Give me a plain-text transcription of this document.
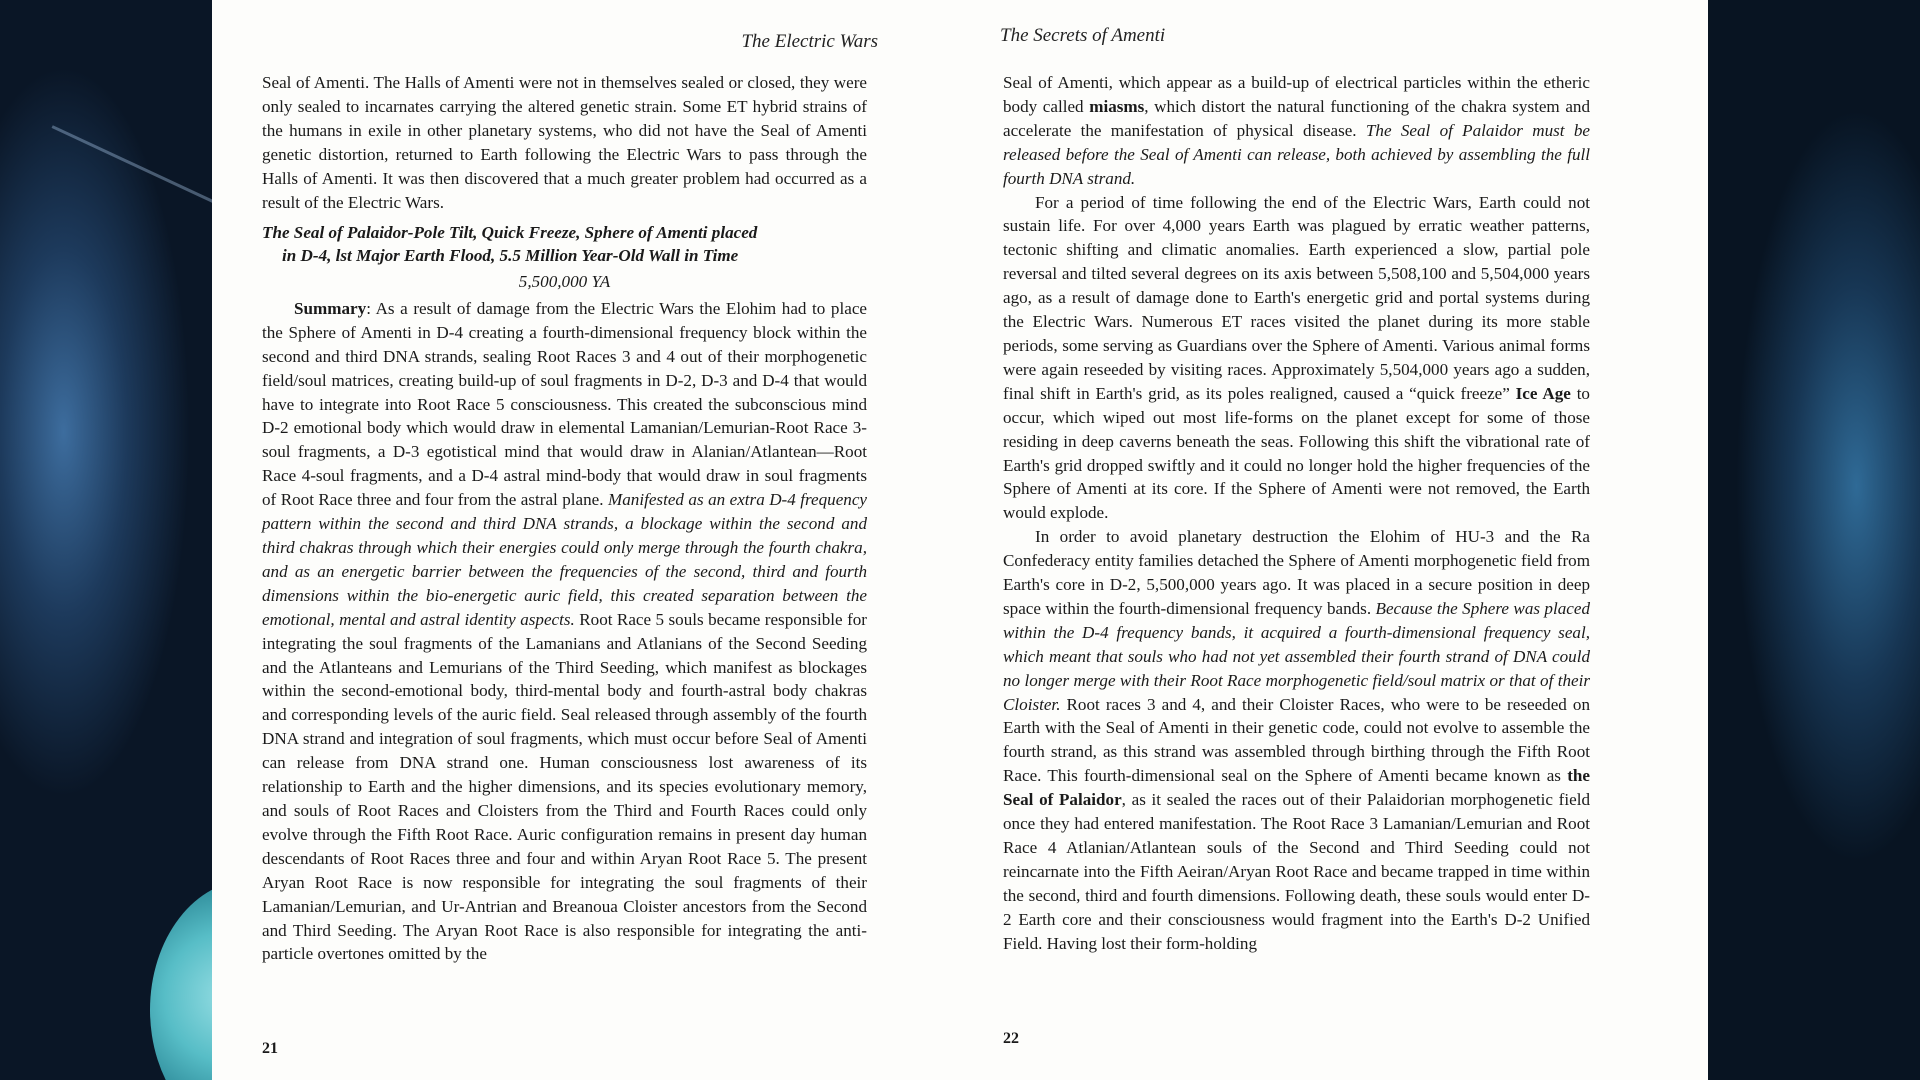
The Electric Wars

Seal of Amenti. The Halls of Amenti were not in themselves sealed or closed, they were only sealed to incarnates carrying the altered genetic strain. Some ET hybrid strains of the humans in exile in other planetary systems, who did not have the Seal of Amenti genetic distortion, returned to Earth following the Electric Wars to pass through the Halls of Amenti. It was then discovered that a much greater problem had occurred as a result of the Electric Wars.

The Seal of Palaidor-Pole Tilt, Quick Freeze, Sphere of Amenti placed
in D-4, lst Major Earth Flood, 5.5 Million Year-Old Wall in Time
5,500,000 YA

Summary: As a result of damage from the Electric Wars the Elohim had to place the Sphere of Amenti in D-4 creating a fourth-dimensional frequency block within the second and third DNA strands, sealing Root Races 3 and 4 out of their morphogenetic field/soul matrices, creating build-up of soul fragments in D-2, D-3 and D-4 that would have to integrate into Root Race 5 consciousness. This created the subconscious mind D-2 emotional body which would draw in elemental Lamanian/Lemurian-Root Race 3-soul fragments, a D-3 egotistical mind that would draw in Alanian/Atlantean—Root Race 4-soul fragments, and a D-4 astral mind-body that would draw in soul fragments of Root Race three and four from the astral plane. Manifested as an extra D-4 frequency pattern within the second and third DNA strands, a blockage within the second and third chakras through which their energies could only merge through the fourth chakra, and as an energetic barrier between the frequencies of the second, third and fourth dimensions within the bio-energetic auric field, this created separation between the emotional, mental and astral identity aspects. Root Race 5 souls became responsible for integrating the soul fragments of the Lamanians and Atlanians of the Second Seeding and the Atlanteans and Lemurians of the Third Seeding, which manifest as blockages within the second-emotional body, third-mental body and fourth-astral body chakras and corresponding levels of the auric field. Seal released through assembly of the fourth DNA strand and integration of soul fragments, which must occur before Seal of Amenti can release from DNA strand one. Human consciousness lost awareness of its relationship to Earth and the higher dimensions, and its species evolutionary memory, and souls of Root Races and Cloisters from the Third and Fourth Races could only evolve through the Fifth Root Race. Auric configuration remains in present day human descendants of Root Races three and four and within Aryan Root Race 5. The present Aryan Root Race is now responsible for integrating the soul fragments of their Lamanian/Lemurian, and Ur-Antrian and Breanoua Cloister ancestors from the Second and Third Seeding. The Aryan Root Race is also responsible for integrating the anti-particle overtones omitted by the

21
The Secrets of Amenti

Seal of Amenti, which appear as a build-up of electrical particles within the etheric body called miasms, which distort the natural functioning of the chakra system and accelerate the manifestation of physical disease. The Seal of Palaidor must be released before the Seal of Amenti can release, both achieved by assembling the full fourth DNA strand.

For a period of time following the end of the Electric Wars, Earth could not sustain life. For over 4,000 years Earth was plagued by erratic weather patterns, tectonic shifting and climatic anomalies. Earth experienced a slow, partial pole reversal and tilted several degrees on its axis between 5,508,100 and 5,504,000 years ago, as a result of damage done to Earth's energetic grid and portal systems during the Electric Wars. Numerous ET races visited the planet during its more stable periods, some serving as Guardians over the Sphere of Amenti. Various animal forms were again reseeded by visiting races. Approximately 5,504,000 years ago a sudden, final shift in Earth's grid, as its poles realigned, caused a “quick freeze” Ice Age to occur, which wiped out most life-forms on the planet except for some of those residing in deep caverns beneath the seas. Following this shift the vibrational rate of Earth's grid dropped swiftly and it could no longer hold the higher frequencies of the Sphere of Amenti at its core. If the Sphere of Amenti were not removed, the Earth would explode.

In order to avoid planetary destruction the Elohim of HU-3 and the Ra Confederacy entity families detached the Sphere of Amenti morphogenetic field from Earth's core in D-2, 5,500,000 years ago. It was placed in a secure position in deep space within the fourth-dimensional frequency bands. Because the Sphere was placed within the D-4 frequency bands, it acquired a fourth-dimensional frequency seal, which meant that souls who had not yet assembled their fourth strand of DNA could no longer merge with their Root Race morphogenetic field/soul matrix or that of their Cloister. Root races 3 and 4, and their Cloister Races, who were to be reseeded on Earth with the Seal of Amenti in their genetic code, could not evolve to assemble the fourth strand, as this strand was assembled through birthing through the Fifth Root Race. This fourth-dimensional seal on the Sphere of Amenti became known as the Seal of Palaidor, as it sealed the races out of their Palaidorian morphogenetic field once they had entered manifestation. The Root Race 3 Lamanian/Lemurian and Root Race 4 Atlanian/Atlantean souls of the Second and Third Seeding could not reincarnate into the Fifth Aeiran/Aryan Root Race and became trapped in time within the second, third and fourth dimensions. Following death, these souls would enter D-2 Earth core and their consciousness would fragment into the Earth's D-2 Unified Field. Having lost their form-holding

22
